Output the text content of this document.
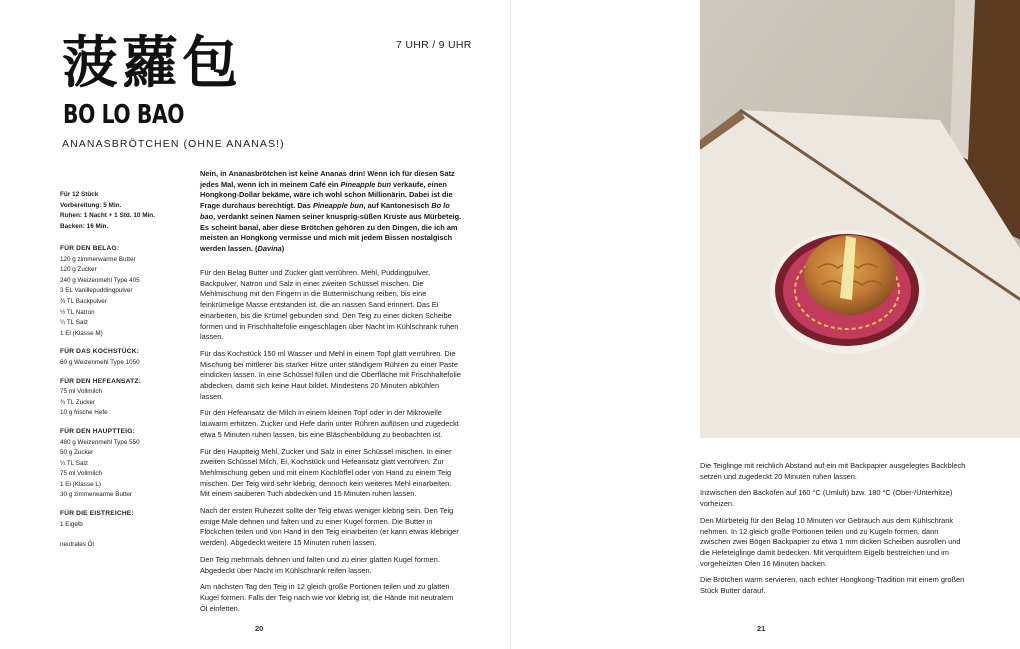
菠蘿包
BO LO BAO
7 UHR / 9 UHR
ANANASBRÖTCHEN (OHNE ANANAS!)
Für 12 Stück
Vorbereitung: 5 Min.
Ruhen: 1 Nacht + 1 Std. 10 Min.
Backen: 16 Min.
FÜR DEN BELAG:
120 g zimmerwarme Butter
120 g Zucker
240 g Weizenmehl Type 405
3 EL Vanillepuddingpulver
¾ TL Backpulver
½ TL Natron
¼ TL Salz
1 Ei (Klasse M)
FÜR DAS KOCHSTÜCK:
60 g Weizenmehl Type 1050
FÜR DEN HEFEANSATZ:
75 ml Vollmilch
¾ TL Zucker
10 g frische Hefe
FÜR DEN HAUPTTEIG:
480 g Weizenmehl Type 550
50 g Zucker
¼ TL Salz
75 ml Vollmilch
1 Ei (Klasse L)
30 g zimmerwarme Butter
FÜR DIE EISTREICHE:
1 Eigelb
neutrales Öl
Nein, in Ananasbrötchen ist keine Ananas drin! Wenn ich für diesen Satz jedes Mal, wenn ich in meinem Café ein Pineapple bun verkaufe, einen Hongkong-Dollar bekäme, wäre ich wohl schon Millionärin. Dabei ist die Frage durchaus berechtigt. Das Pineapple bun, auf Kantonesisch Bo lo bao, verdankt seinen Namen seiner knusprig-süßen Kruste aus Mürbeteig. Es scheint banal, aber diese Brötchen gehören zu den Dingen, die ich am meisten an Hongkong vermisse und mich mit jedem Bissen nostalgisch werden lassen. (Davina)

Für den Belag Butter und Zucker glatt verrühren. Mehl, Puddingpulver, Backpulver, Natron und Salz in einer zweiten Schüssel mischen. Die Mehlmischung mit den Fingern in die Buttermischung reiben, bis eine feinkrümelige Masse entstanden ist, die an nassen Sand erinnert. Das Ei einarbeiten, bis die Krümel gebunden sind. Den Teig zu einer dicken Scheibe formen und in Frischhaltefolie eingeschlagen über Nacht im Kühlschrank ruhen lassen.

Für das Kochstück 150 ml Wasser und Mehl in einem Topf glatt verrühren. Die Mischung bei mittlerer bis starker Hitze unter ständigem Rühren zu einer Paste eindicken lassen. In eine Schüssel füllen und die Oberfläche mit Frischhaltefolie abdecken, damit sich keine Haut bildet. Mindestens 20 Minuten abkühlen lassen.

Für den Hefeansatz die Milch in einem kleinen Topf oder in der Mikrowelle lauwarm erhitzen. Zucker und Hefe darin unter Rühren auflösen und zugedeckt etwa 5 Minuten ruhen lassen, bis eine Bläschenbildung zu beobachten ist.

Für den Hauptteig Mehl, Zucker und Salz in einer Schüssel mischen. In einer zweiten Schüssel Milch, Ei, Kochstück und Hefeansatz glatt verrühren. Zur Mehlmischung geben und mit einem Kochlöffel oder von Hand zu einem Teig mischen. Der Teig wird sehr klebrig, dennoch kein weiteres Mehl einarbeiten. Mit einem sauberen Tuch abdecken und 15 Minuten ruhen lassen.

Nach der ersten Ruhezeit sollte der Teig etwas weniger klebrig sein. Den Teig einige Male dehnen und falten und zu einer Kugel formen. Die Butter in Flöckchen teilen und von Hand in den Teig einarbeiten (er kann etwas klebriger werden). Abgedeckt weitere 15 Minuten ruhen lassen.

Den Teig mehrmals dehnen und falten und zu einer glatten Kugel formen. Abgedeckt über Nacht im Kühlschrank reifen lassen.

Am nächsten Tag den Teig in 12 gleich große Portionen teilen und zu glatten Kugel formen. Falls der Teig nach wie vor klebrig ist, die Hände mit neutralem Öl einfetten.

20

Die Teiglinge mit reichlich Abstand auf ein mit Backpapier ausgelegtes Backblech setzen und zugedeckt 20 Minuten ruhen lassen.

Inzwischen den Backofen auf 160 °C (Umluft) bzw. 180 °C (Ober-/Unterhitze) vorheizen.

Den Mürbeteig für den Belag 10 Minuten vor Gebrauch aus dem Kühlschrank nehmen. In 12 gleich große Portionen teilen und zu Kugeln formen, dann zwischen zwei Bögen Backpapier zu etwa 1 mm dicken Scheiben ausrollen und die Hefeteiglinge damit bedecken. Mit verquirltem Eigelb bestreichen und im vorgeheizten Ofen 16 Minuten backen.

Die Brötchen warm servieren, nach echter Hongkong-Tradition mit einem großen Stück Butter darauf.

21
